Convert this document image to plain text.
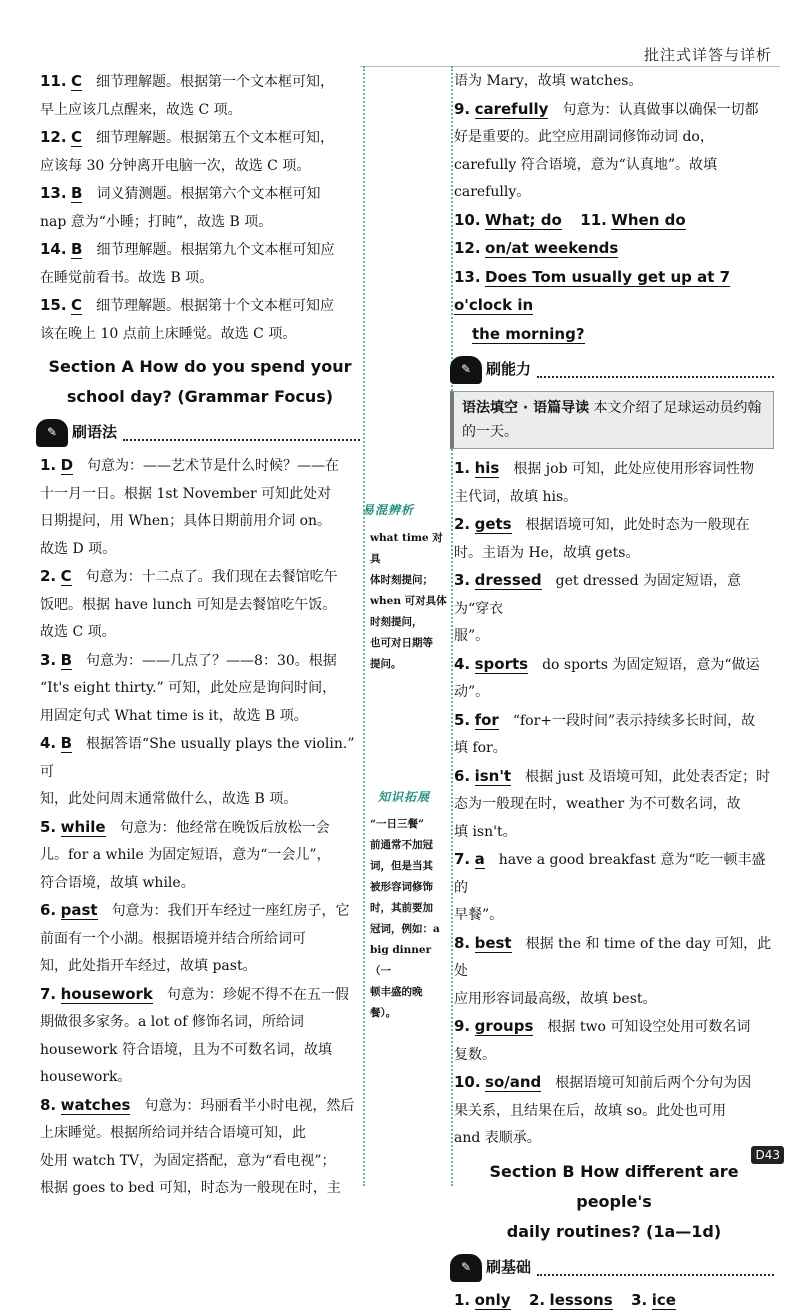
批注式详答与详析
易混辨析
what time 对具
体时刻提问；
when 可对具体
时刻提问，
也可对日期等
提问。
知识拓展
“一日三餐”
前通常不加冠
词，但是当其
被形容词修饰
时，其前要加
冠词，例如：a
big dinner（一
顿丰盛的晚
餐）。
11. C 细节理解题。根据第一个文本框可知，
早上应该几点醒来，故选 C 项。
12. C 细节理解题。根据第五个文本框可知，
应该每 30 分钟离开电脑一次，故选 C 项。
13. B 词义猜测题。根据第六个文本框可知
nap 意为“小睡；打盹”，故选 B 项。
14. B 细节理解题。根据第九个文本框可知应
在睡觉前看书。故选 B 项。
15. C 细节理解题。根据第十个文本框可知应
该在晚上 10 点前上床睡觉。故选 C 项。
Section A How do you spend your
school day? (Grammar Focus)
✎ 刷语法
1. D 句意为：——艺术节是什么时候？——在
十一月一日。根据 1st November 可知此处对
日期提问，用 When；具体日期前用介词 on。
故选 D 项。
2. C 句意为：十二点了。我们现在去餐馆吃午
饭吧。根据 have lunch 可知是去餐馆吃午饭。
故选 C 项。
3. B 句意为：——几点了？——8：30。根据
“It's eight thirty.” 可知，此处应是询问时间，
用固定句式 What time is it，故选 B 项。
4. B 根据答语“She usually plays the violin.” 可
知，此处问周末通常做什么，故选 B 项。
5. while 句意为：他经常在晚饭后放松一会
儿。for a while 为固定短语，意为“一会儿”，
符合语境，故填 while。
6. past 句意为：我们开车经过一座红房子，它
前面有一个小湖。根据语境并结合所给词可
知，此处指开车经过，故填 past。
7. housework 句意为：珍妮不得不在五一假
期做很多家务。a lot of 修饰名词，所给词
housework 符合语境，且为不可数名词，故填
housework。
8. watches 句意为：玛丽看半小时电视，然后
上床睡觉。根据所给词并结合语境可知，此
处用 watch TV，为固定搭配，意为“看电视”；
根据 goes to bed 可知，时态为一般现在时，主
语为 Mary，故填 watches。
9. carefully 句意为：认真做事以确保一切都
好是重要的。此空应用副词修饰动词 do，
carefully 符合语境，意为“认真地”。故填
carefully。
10. What; do 11. When do
12. on/at weekends
13. Does Tom usually get up at 7 o'clock in
the morning?
✎ 刷能力
语法填空 · 语篇导读 本文介绍了足球运动员约翰的一天。
1. his 根据 job 可知，此处应使用形容词性物
主代词，故填 his。
2. gets 根据语境可知，此处时态为一般现在
时。主语为 He，故填 gets。
3. dressed get dressed 为固定短语，意为“穿衣
服”。
4. sports do sports 为固定短语，意为“做运
动”。
5. for “for+一段时间”表示持续多长时间，故
填 for。
6. isn't 根据 just 及语境可知，此处表否定；时
态为一般现在时，weather 为不可数名词，故
填 isn't。
7. a have a good breakfast 意为“吃一顿丰盛的
早餐”。
8. best 根据 the 和 time of the day 可知，此处
应用形容词最高级，故填 best。
9. groups 根据 two 可知设空处用可数名词
复数。
10. so/and 根据语境可知前后两个分句为因
果关系，且结果在后，故填 so。此处也可用
and 表顺承。
Section B How different are people's
daily routines? (1a—1d)
✎ 刷基础
1. only 2. lessons 3. ice
D43
